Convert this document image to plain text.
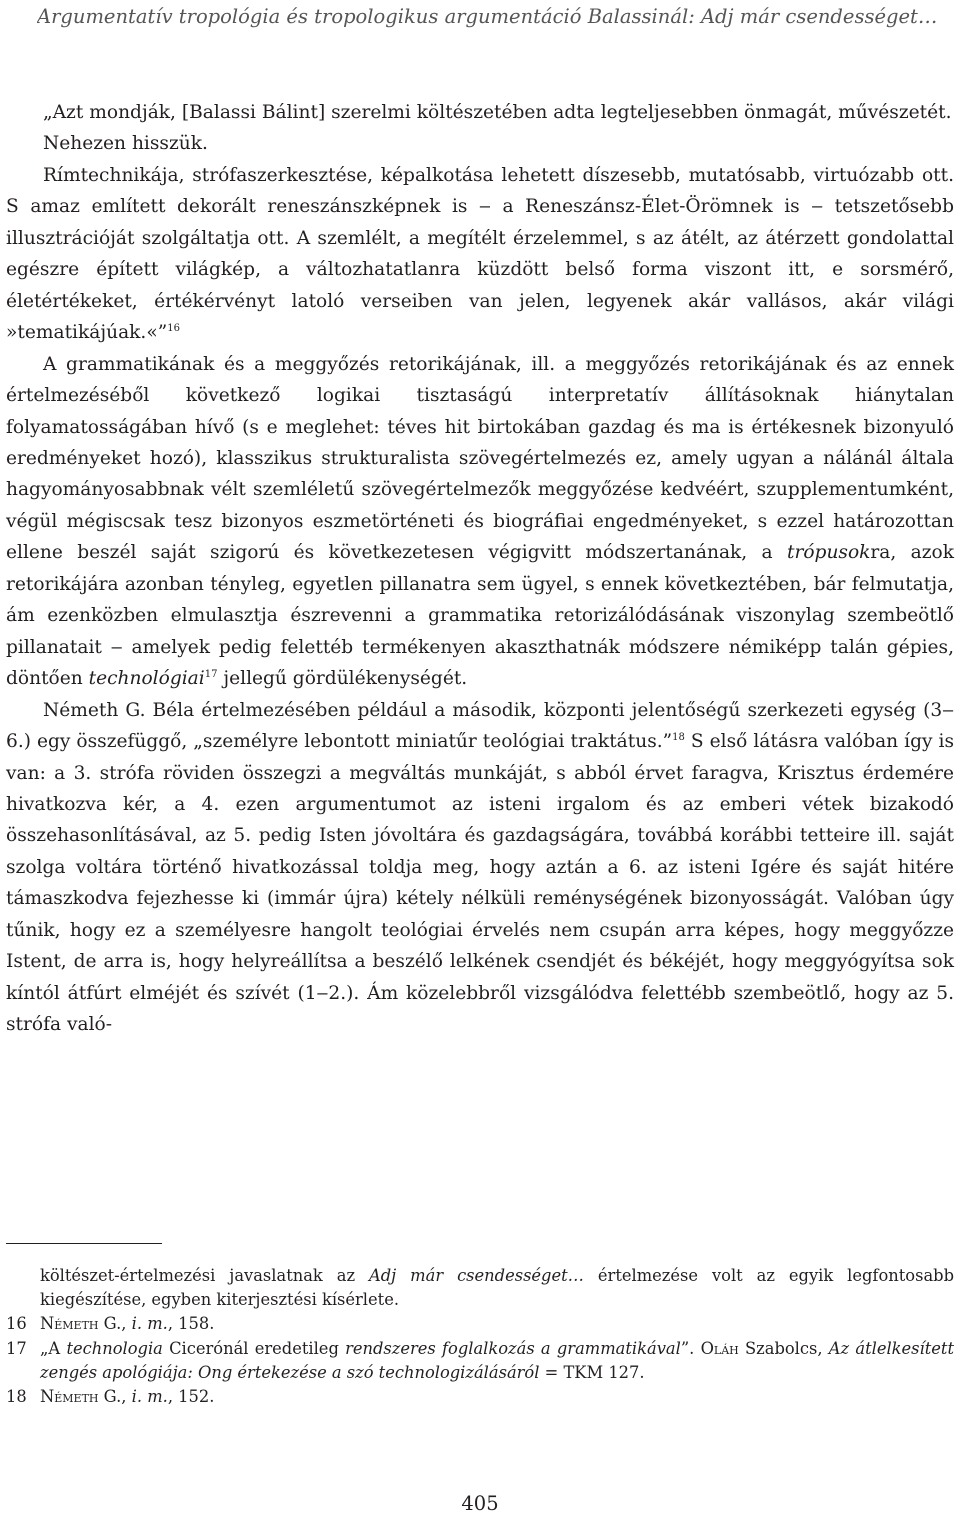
Argumentatív tropológia és tropologikus argumentáció Balassinál: Adj már csendességet…

„Azt mondják, [Balassi Bálint] szerelmi költészetében adta legteljesebben önmagát, művészetét.

Nehezen hisszük.

Rímtechnikája, strófaszerkesztése, képalkotása lehetett díszesebb, mutatósabb, virtuózabb ott. S amaz említett dekorált reneszánszképnek is ‒ a Reneszánsz-Élet-Örömnek is ‒ tetszetősebb illusztrációját szolgáltatja ott. A szemlélt, a megítélt érzelemmel, s az átélt, az átérzett gondolattal egészre épített világkép, a változhatatlanra küzdött belső forma viszont itt, e sorsmérő, életértékeket, értékérvényt latoló verseiben van jelen, legyenek akár vallásos, akár világi »tematikájúak.«”$^{16}$

A grammatikának és a meggyőzés retorikájának, ill. a meggyőzés retorikájának és az ennek értelmezéséből következő logikai tisztaságú interpretatív állításoknak hiánytalan folyamatosságában hívő (s e meglehet: téves hit birtokában gazdag és ma is értékesnek bizonyuló eredményeket hozó), klasszikus strukturalista szövegértelmezés ez, amely ugyan a nálánál általa hagyományosabbnak vélt szemléletű szövegértelmezők meggyőzése kedvéért, szupplementumként, végül mégiscsak tesz bizonyos eszmetörténeti és biográfiai engedményeket, s ezzel határozottan ellene beszél saját szigorú és következetesen végigvitt módszertanának, a trópusokra, azok retorikájára azonban tényleg, egyetlen pillanatra sem ügyel, s ennek következtében, bár felmutatja, ám ezenközben elmulasztja észrevenni a grammatika retorizálódásának viszonylag szembeötlő pillanatait ‒ amelyek pedig felettéb termékenyen akaszthatnák módszere némiképp talán gépies, döntően technológiai$^{17}$ jellegű gördülékenységét.

Németh G. Béla értelmezésében például a második, központi jelentőségű szerkezeti egység (3‒6.) egy összefüggő, „személyre lebontott miniatűr teológiai traktátus.”$^{18}$ S első látásra valóban így is van: a 3. strófa röviden összegzi a megváltás munkáját, s abból érvet faragva, Krisztus érdemére hivatkozva kér, a 4. ezen argumentumot az isteni irgalom és az emberi vétek bizakodó összehasonlításával, az 5. pedig Isten jóvoltára és gazdagságára, továbbá korábbi tetteire ill. saját szolga voltára történő hivatkozással toldja meg, hogy aztán a 6. az isteni Igére és saját hitére támaszkodva fejezhesse ki (immár újra) kétely nélküli reménységének bizonyosságát. Valóban úgy tűnik, hogy ez a személyesre hangolt teológiai érvelés nem csupán arra képes, hogy meggyőzze Istent, de arra is, hogy helyreállítsa a beszélő lelkének csendjét és békéjét, hogy meggyógyítsa sok kíntól átfúrt elméjét és szívét (1‒2.). Ám közelebbről vizsgálódva felettébb szembeötlő, hogy az 5. strófa való-

költészet-értelmezési javaslatnak az Adj már csendességet… értelmezése volt az egyik legfontosabb kiegészítése, egyben kiterjesztési kísérlete.
16 Németh G., i. m., 158.
17 „A technologia Cicerónál eredetileg rendszeres foglalkozás a grammatikával”. Oláh Szabolcs, Az átlelkesített zengés apológiája: Ong értekezése a szó technologizálásáról = TKM 127.
18 Németh G., i. m., 152.
405
